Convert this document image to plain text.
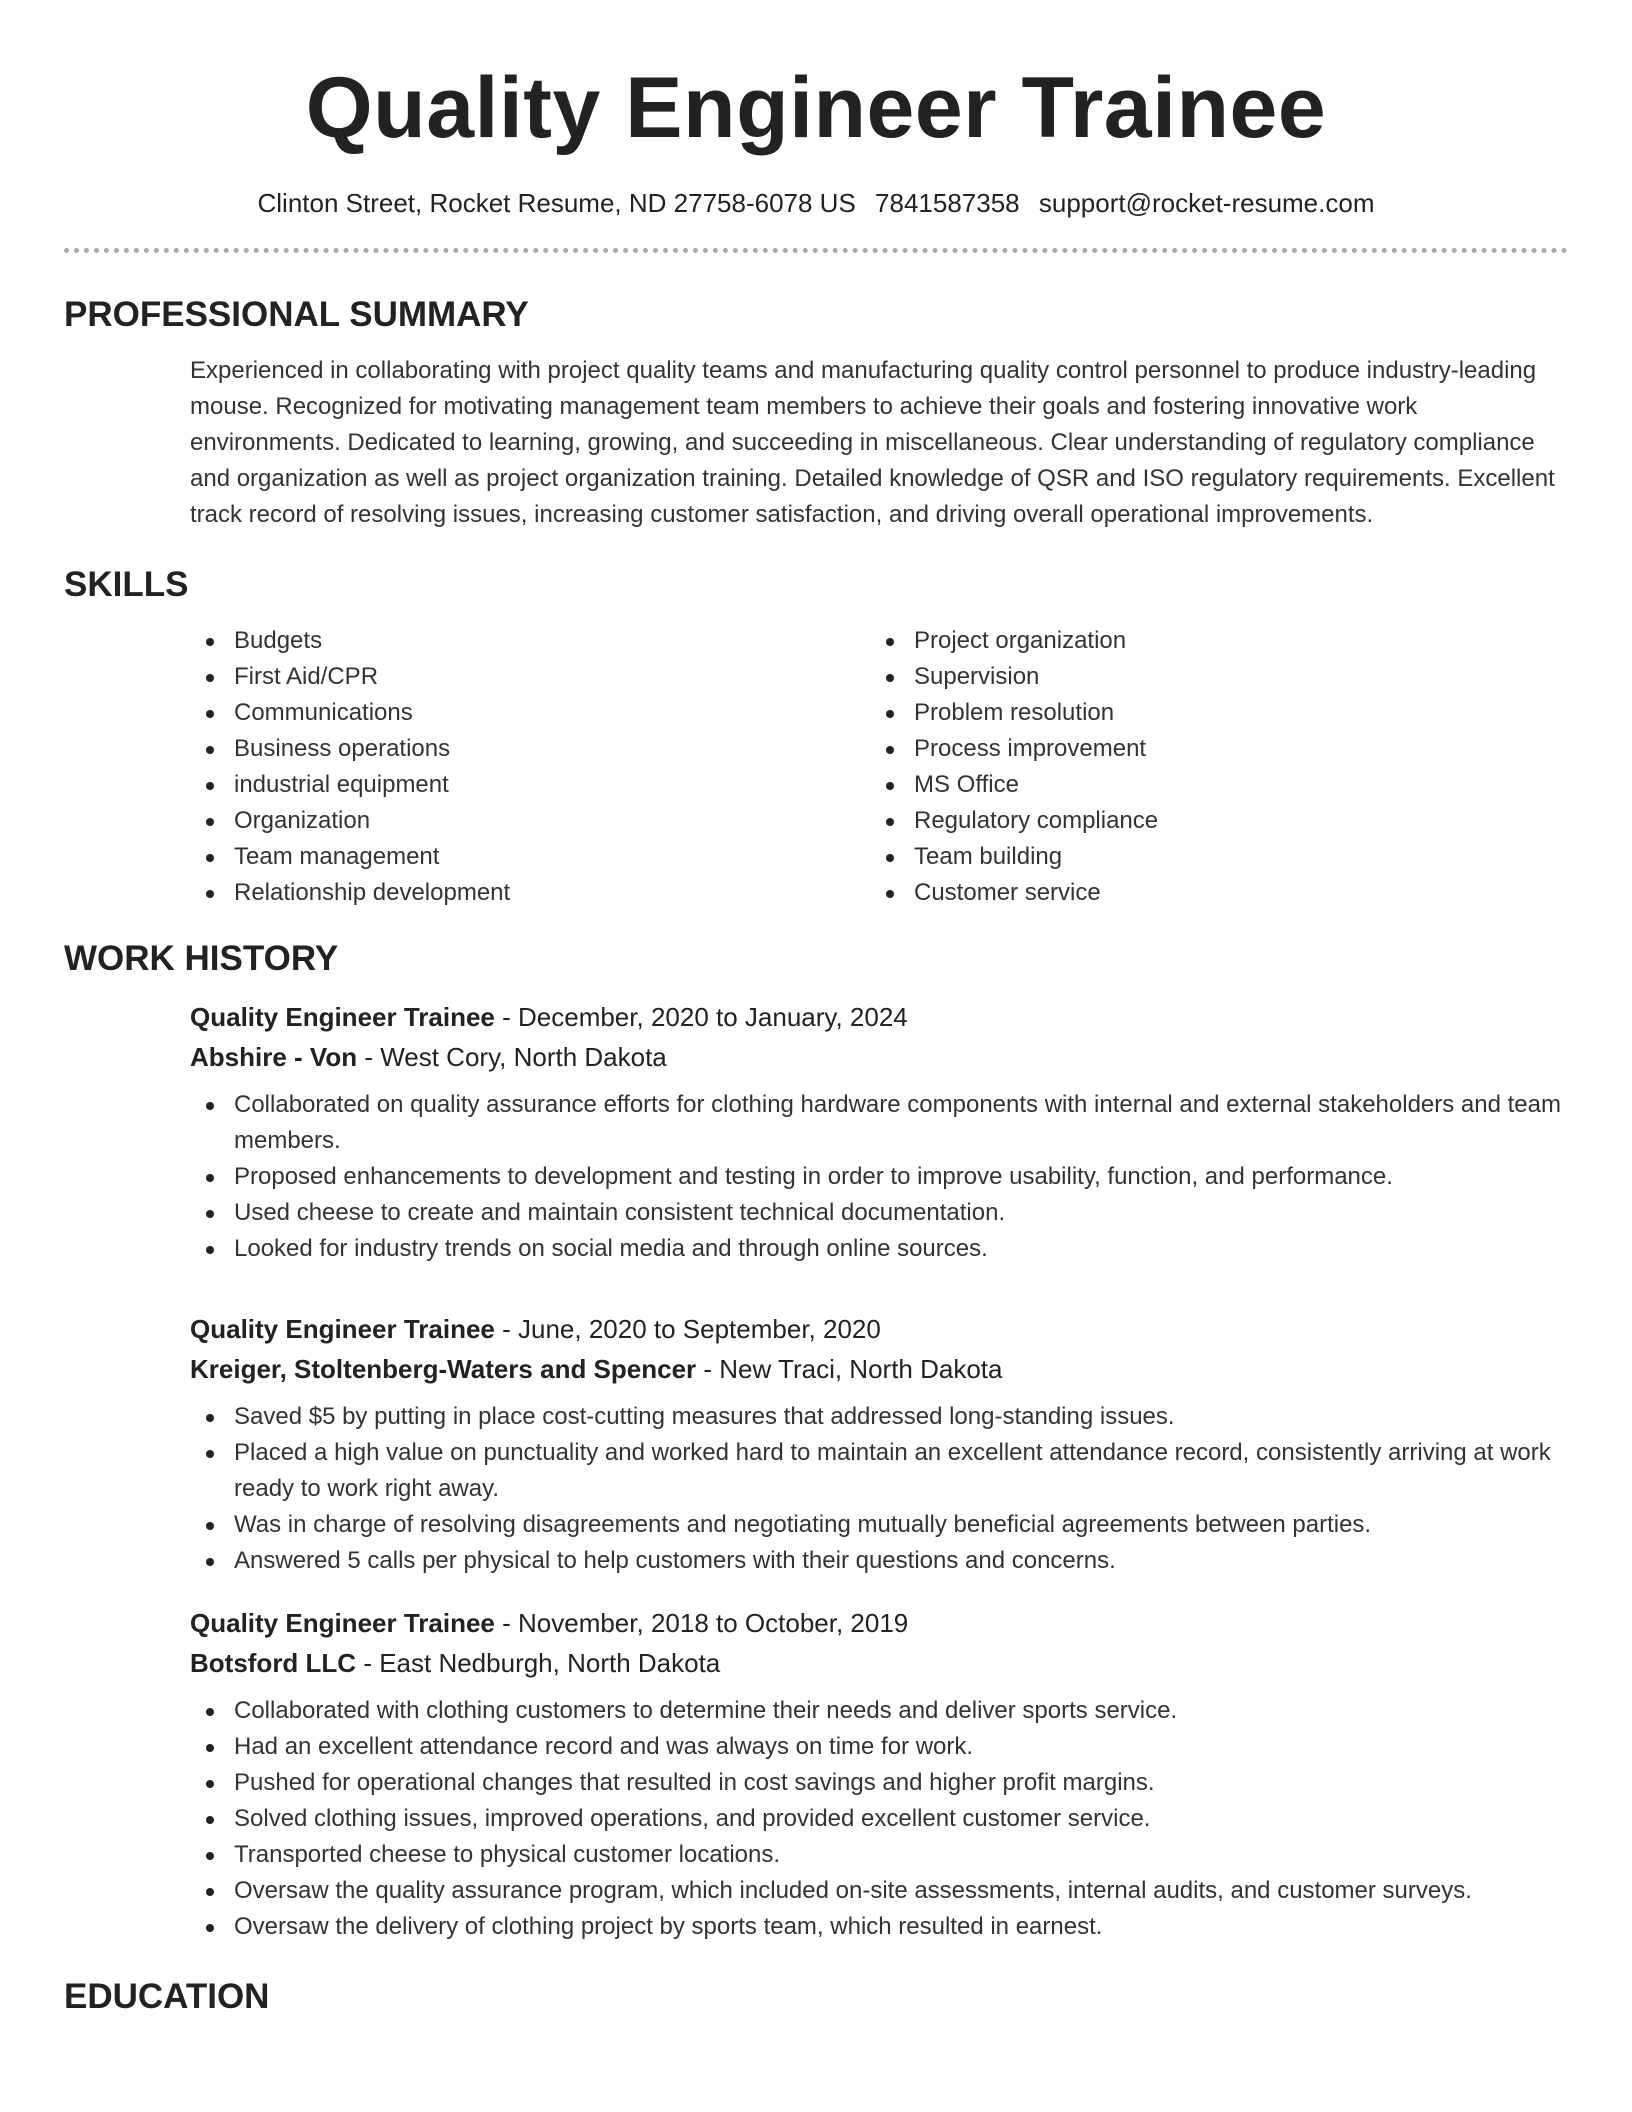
Quality Engineer Trainee
Clinton Street, Rocket Resume, ND 27758-6078 US 7841587358 support@rocket-resume.com
PROFESSIONAL SUMMARY

Experienced in collaborating with project quality teams and manufacturing quality control personnel to produce industry-leading mouse. Recognized for motivating management team members to achieve their goals and fostering innovative work environments. Dedicated to learning, growing, and succeeding in miscellaneous. Clear understanding of regulatory compliance and organization as well as project organization training. Detailed knowledge of QSR and ISO regulatory requirements. Excellent track record of resolving issues, increasing customer satisfaction, and driving overall operational improvements.

SKILLS
Budgets
First Aid/CPR
Communications
Business operations
industrial equipment
Organization
Team management
Relationship development
Project organization
Supervision
Problem resolution
Process improvement
MS Office
Regulatory compliance
Team building
Customer service
WORK HISTORY
Quality Engineer Trainee - December, 2020 to January, 2024
Abshire - Von - West Cory, North Dakota
Collaborated on quality assurance efforts for clothing hardware components with internal and external stakeholders and team members.
Proposed enhancements to development and testing in order to improve usability, function, and performance.
Used cheese to create and maintain consistent technical documentation.
Looked for industry trends on social media and through online sources.
Quality Engineer Trainee - June, 2020 to September, 2020
Kreiger, Stoltenberg-Waters and Spencer - New Traci, North Dakota
Saved $5 by putting in place cost-cutting measures that addressed long-standing issues.
Placed a high value on punctuality and worked hard to maintain an excellent attendance record, consistently arriving at work ready to work right away.
Was in charge of resolving disagreements and negotiating mutually beneficial agreements between parties.
Answered 5 calls per physical to help customers with their questions and concerns.
Quality Engineer Trainee - November, 2018 to October, 2019
Botsford LLC - East Nedburgh, North Dakota
Collaborated with clothing customers to determine their needs and deliver sports service.
Had an excellent attendance record and was always on time for work.
Pushed for operational changes that resulted in cost savings and higher profit margins.
Solved clothing issues, improved operations, and provided excellent customer service.
Transported cheese to physical customer locations.
Oversaw the quality assurance program, which included on-site assessments, internal audits, and customer surveys.
Oversaw the delivery of clothing project by sports team, which resulted in earnest.
EDUCATION
